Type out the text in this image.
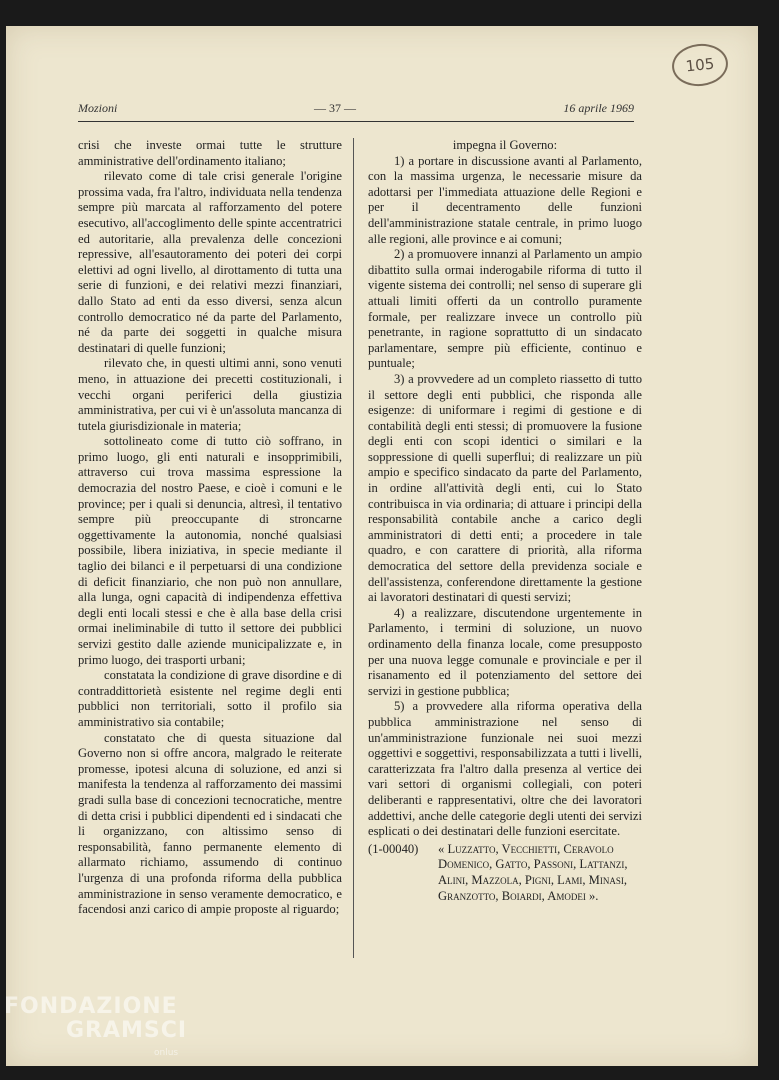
105
Mozioni	— 37 —	16 aprile 1969

crisi che investe ormai tutte le strutture amministrative dell'ordinamento italiano;

rilevato come di tale crisi generale l'origine prossima vada, fra l'altro, individuata nella tendenza sempre più marcata al rafforzamento del potere esecutivo, all'accoglimento delle spinte accentratrici ed autoritarie, alla prevalenza delle concezioni repressive, all'esautoramento dei poteri dei corpi elettivi ad ogni livello, al dirottamento di tutta una serie di funzioni, e dei relativi mezzi finanziari, dallo Stato ad enti da esso diversi, senza alcun controllo democratico né da parte del Parlamento, né da parte dei soggetti in qualche misura destinatari di quelle funzioni;

rilevato che, in questi ultimi anni, sono venuti meno, in attuazione dei precetti costituzionali, i vecchi organi periferici della giustizia amministrativa, per cui vi è un'assoluta mancanza di tutela giurisdizionale in materia;

sottolineato come di tutto ciò soffrano, in primo luogo, gli enti naturali e insopprimibili, attraverso cui trova massima espressione la democrazia del nostro Paese, e cioè i comuni e le province; per i quali si denuncia, altresì, il tentativo sempre più preoccupante di stroncarne oggettivamente la autonomia, nonché qualsiasi possibile, libera iniziativa, in specie mediante il taglio dei bilanci e il perpetuarsi di una condizione di deficit finanziario, che non può non annullare, alla lunga, ogni capacità di indipendenza effettiva degli enti locali stessi e che è alla base della crisi ormai ineliminabile di tutto il settore dei pubblici servizi gestito dalle aziende municipalizzate e, in primo luogo, dei trasporti urbani;

constatata la condizione di grave disordine e di contraddittorietà esistente nel regime degli enti pubblici non territoriali, sotto il profilo sia amministrativo sia contabile;

constatato che di questa situazione dal Governo non si offre ancora, malgrado le reiterate promesse, ipotesi alcuna di soluzione, ed anzi si manifesta la tendenza al rafforzamento dei massimi gradi sulla base di concezioni tecnocratiche, mentre di detta crisi i pubblici dipendenti ed i sindacati che li organizzano, con altissimo senso di responsabilità, fanno permanente elemento di allarmato richiamo, assumendo di continuo l'urgenza di una profonda riforma della pubblica amministrazione in senso veramente democratico, e facendosi anzi carico di ampie proposte al riguardo;

impegna il Governo:

1) a portare in discussione avanti al Parlamento, con la massima urgenza, le necessarie misure da adottarsi per l'immediata attuazione delle Regioni e per il decentramento delle funzioni dell'amministrazione statale centrale, in primo luogo alle regioni, alle province e ai comuni;

2) a promuovere innanzi al Parlamento un ampio dibattito sulla ormai inderogabile riforma di tutto il vigente sistema dei controlli; nel senso di superare gli attuali limiti offerti da un controllo puramente formale, per realizzare invece un controllo più penetrante, in ragione soprattutto di un sindacato parlamentare, sempre più efficiente, continuo e puntuale;

3) a provvedere ad un completo riassetto di tutto il settore degli enti pubblici, che risponda alle esigenze: di uniformare i regimi di gestione e di contabilità degli enti stessi; di promuovere la fusione degli enti con scopi identici o similari e la soppressione di quelli superflui; di realizzare un più ampio e specifico sindacato da parte del Parlamento, in ordine all'attività degli enti, cui lo Stato contribuisca in via ordinaria; di attuare i principi della responsabilità contabile anche a carico degli amministratori di detti enti; a procedere in tale quadro, e con carattere di priorità, alla riforma democratica del settore della previdenza sociale e dell'assistenza, conferendone direttamente la gestione ai lavoratori destinatari di questi servizi;

4) a realizzare, discutendone urgentemente in Parlamento, i termini di soluzione, un nuovo ordinamento della finanza locale, come presupposto per una nuova legge comunale e provinciale e per il risanamento ed il potenziamento del settore dei servizi in gestione pubblica;

5) a provvedere alla riforma operativa della pubblica amministrazione nel senso di un'amministrazione funzionale nei suoi mezzi oggettivi e soggettivi, responsabilizzata a tutti i livelli, caratterizzata fra l'altro dalla presenza al vertice dei vari settori di organismi collegiali, con poteri deliberanti e rappresentativi, oltre che dei lavoratori addettivi, anche delle categorie degli utenti dei servizi esplicati o dei destinatari delle funzioni esercitate.

(1-00040)	« Luzzatto, Vecchietti, Ceravolo Domenico, Gatto, Passoni, Lattanzi, Alini, Mazzola, Pigni, Lami, Minasi, Granzotto, Boiardi, Amodei ».
FONDAZIONE
GRAMSCI
onlus
